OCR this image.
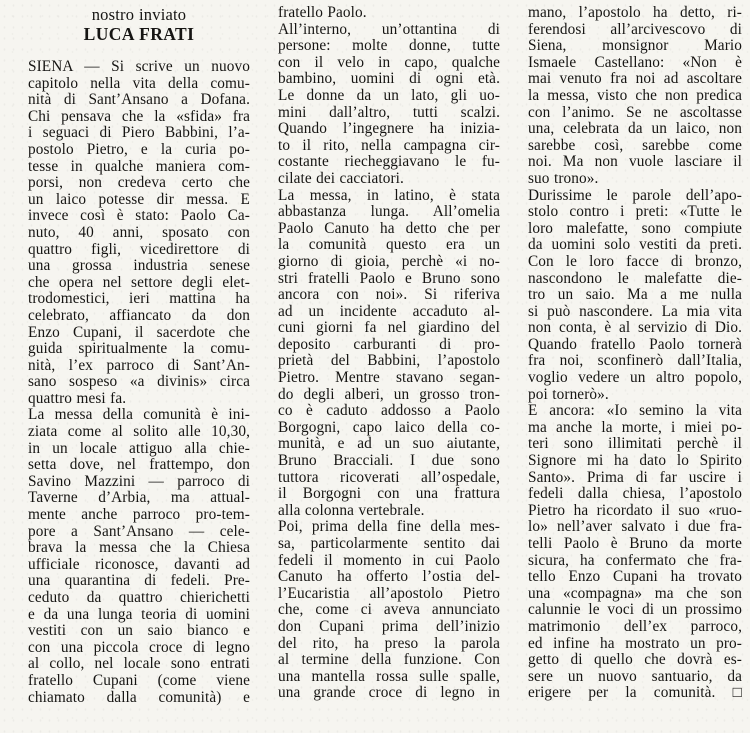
nostro inviato
LUCA FRATI
SIENA — Si scrive un nuovo
capitolo nella vita della comu-
nità di Sant’Ansano a Dofana.
Chi pensava che la «sfida» fra
i seguaci di Piero Babbini, l’a-
postolo Pietro, e la curia po-
tesse in qualche maniera com-
porsi, non credeva certo che
un laico potesse dir messa. E
invece così è stato: Paolo Ca-
nuto, 40 anni, sposato con
quattro figli, vicedirettore di
una grossa industria senese
che opera nel settore degli elet-
trodomestici, ieri mattina ha
celebrato, affiancato da don
Enzo Cupani, il sacerdote che
guida spiritualmente la comu-
nità, l’ex parroco di Sant’An-
sano sospeso «a divinis» circa
quattro mesi fa.
La messa della comunità è ini-
ziata come al solito alle 10,30,
in un locale attiguo alla chie-
setta dove, nel frattempo, don
Savino Mazzini — parroco di
Taverne d’Arbia, ma attual-
mente anche parroco pro-tem-
pore a Sant’Ansano — cele-
brava la messa che la Chiesa
ufficiale riconosce, davanti ad
una quarantina di fedeli. Pre-
ceduto da quattro chierichetti
e da una lunga teoria di uomini
vestiti con un saio bianco e
con una piccola croce di legno
al collo, nel locale sono entrati
fratello Cupani (come viene
chiamato dalla comunità) e
fratello Paolo.
All’interno, un’ottantina di
persone: molte donne, tutte
con il velo in capo, qualche
bambino, uomini di ogni età.
Le donne da un lato, gli uo-
mini dall’altro, tutti scalzi.
Quando l’ingegnere ha inizia-
to il rito, nella campagna cir-
costante riecheggiavano le fu-
cilate dei cacciatori.
La messa, in latino, è stata
abbastanza lunga. All’omelia
Paolo Canuto ha detto che per
la comunità questo era un
giorno di gioia, perchè «i no-
stri fratelli Paolo e Bruno sono
ancora con noi». Si riferiva
ad un incidente accaduto al-
cuni giorni fa nel giardino del
deposito carburanti di pro-
prietà del Babbini, l’apostolo
Pietro. Mentre stavano segan-
do degli alberi, un grosso tron-
co è caduto addosso a Paolo
Borgogni, capo laico della co-
munità, e ad un suo aiutante,
Bruno Bracciali. I due sono
tuttora ricoverati all’ospedale,
il Borgogni con una frattura
alla colonna vertebrale.
Poi, prima della fine della mes-
sa, particolarmente sentito dai
fedeli il momento in cui Paolo
Canuto ha offerto l’ostia del-
l’Eucaristia all’apostolo Pietro
che, come ci aveva annunciato
don Cupani prima dell’inizio
del rito, ha preso la parola
al termine della funzione. Con
una mantella rossa sulle spalle,
una grande croce di legno in
mano, l’apostolo ha detto, ri-
ferendosi all’arcivescovo di
Siena, monsignor Mario
Ismaele Castellano: «Non è
mai venuto fra noi ad ascoltare
la messa, visto che non predica
con l’animo. Se ne ascoltasse
una, celebrata da un laico, non
sarebbe così, sarebbe come
noi. Ma non vuole lasciare il
suo trono».
Durissime le parole dell’apo-
stolo contro i preti: «Tutte le
loro malefatte, sono compiute
da uomini solo vestiti da preti.
Con le loro facce di bronzo,
nascondono le malefatte die-
tro un saio. Ma a me nulla
si può nascondere. La mia vita
non conta, è al servizio di Dio.
Quando fratello Paolo tornerà
fra noi, sconfinerò dall’Italia,
voglio vedere un altro popolo,
poi tornerò».
E ancora: «Io semino la vita
ma anche la morte, i miei po-
teri sono illimitati perchè il
Signore mi ha dato lo Spirito
Santo». Prima di far uscire i
fedeli dalla chiesa, l’apostolo
Pietro ha ricordato il suo «ruo-
lo» nell’aver salvato i due fra-
telli Paolo è Bruno da morte
sicura, ha confermato che fra-
tello Enzo Cupani ha trovato
una «compagna» ma che son
calunnie le voci di un prossimo
matrimonio dell’ex parroco,
ed infine ha mostrato un pro-
getto di quello che dovrà es-
sere un nuovo santuario, da
erigere per la comunità. □
